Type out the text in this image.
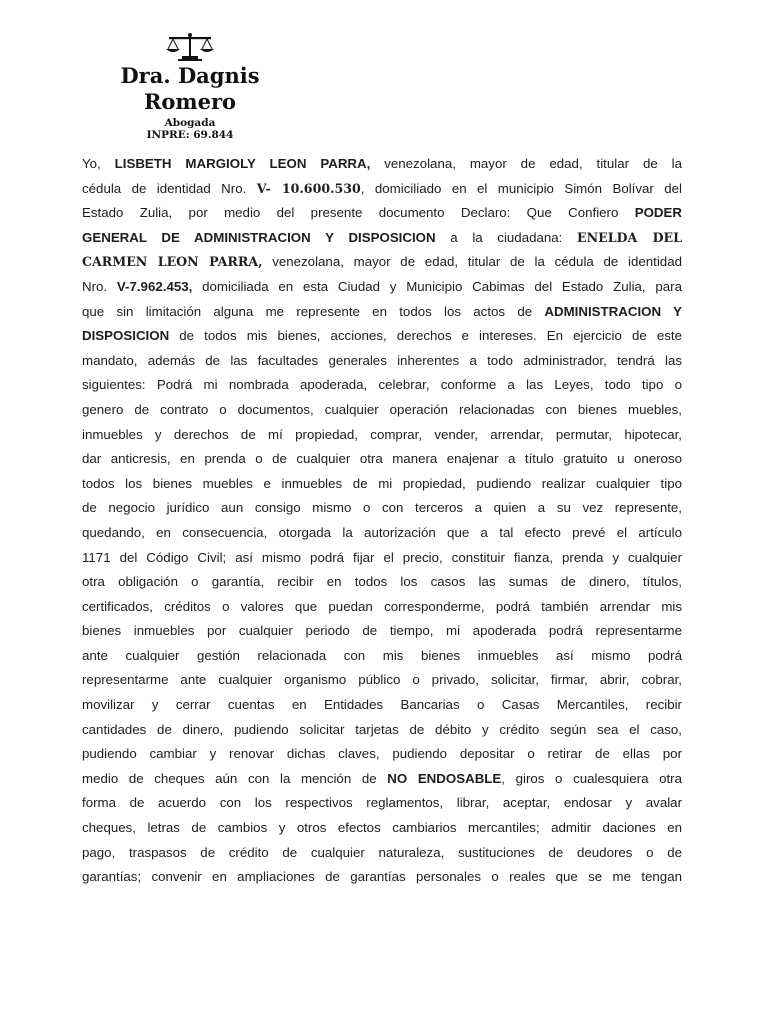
Dra. Dagnis
Romero
Abogada
INPRE: 69.844
Yo, LISBETH MARGIOLY LEON PARRA, venezolana, mayor de edad, titular de la
cédula de identidad Nro. V- 10.600.530, domiciliado en el municipio Simón Bolívar del
Estado Zulia, por medio del presente documento Declaro: Que Confiero PODER
GENERAL DE ADMINISTRACION Y DISPOSICION a la ciudadana: ENELDA DEL
CARMEN LEON PARRA, venezolana, mayor de edad, titular de la cédula de identidad
Nro. V-7.962.453, domiciliada en esta Ciudad y Municipio Cabimas del Estado Zulia, para
que sin limitación alguna me represente en todos los actos de ADMINISTRACION Y
DISPOSICION de todos mis bienes, acciones, derechos e intereses. En ejercicio de este
mandato, además de las facultades generales inherentes a todo administrador, tendrá las
siguientes: Podrá mi nombrada apoderada, celebrar, conforme a las Leyes, todo tipo o
genero de contrato o documentos, cualquier operación relacionadas con bienes muebles,
inmuebles y derechos de mí propiedad, comprar, vender, arrendar, permutar, hipotecar,
dar anticresis, en prenda o de cualquier otra manera enajenar a título gratuito u oneroso
todos los bienes muebles e inmuebles de mi propiedad, pudiendo realizar cualquier tipo
de negocio jurídico aun consigo mismo o con terceros a quien a su vez represente,
quedando, en consecuencia, otorgada la autorización que a tal efecto prevé el artículo
1171 del Código Civil; así mismo podrá fijar el precio, constituir fianza, prenda y cualquier
otra obligación o garantía, recibir en todos los casos las sumas de dinero, títulos,
certificados, créditos o valores que puedan corresponderme, podrá también arrendar mis
bienes inmuebles por cualquier periodo de tiempo, mi apoderada podrá representarme
ante cualquier gestión relacionada con mis bienes inmuebles así mismo podrá
representarme ante cualquier organismo público o privado, solicitar, firmar, abrir, cobrar,
movilizar y cerrar cuentas en Entidades Bancarias o Casas Mercantiles, recibir
cantidades de dinero, pudiendo solicitar tarjetas de débito y crédito según sea el caso,
pudiendo cambiar y renovar dichas claves, pudiendo depositar o retirar de ellas por
medio de cheques aún con la mención de NO ENDOSABLE, giros o cualesquiera otra
forma de acuerdo con los respectivos reglamentos, librar, aceptar, endosar y avalar
cheques, letras de cambios y otros efectos cambiarios mercantiles; admitir daciones en
pago, traspasos de crédito de cualquier naturaleza, sustituciones de deudores o de
garantías; convenir en ampliaciones de garantías personales o reales que se me tengan
